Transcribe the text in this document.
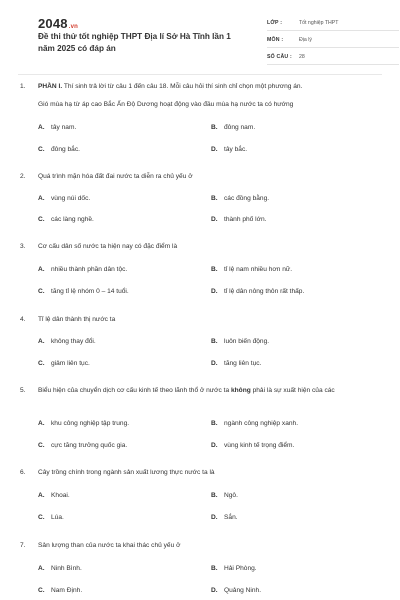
2048.vn
Đề thi thử tốt nghiệp THPT Địa lí Sở Hà Tĩnh lần 1 năm 2025 có đáp án
LỚP :	Tốt nghiệp THPT
MÔN :	Địa lý
SỐ CÂU :	28
1.	PHẦN I. Thí sinh trả lời từ câu 1 đến câu 18. Mỗi câu hỏi thí sinh chỉ chọn một phương án.
Gió mùa hạ từ áp cao Bắc Ấn Độ Dương hoạt động vào đầu mùa hạ nước ta có hướng
A. tây nam.	B. đông nam.
C. đông bắc.	D. tây bắc.
2.	Quá trình mặn hóa đất đai nước ta diễn ra chủ yếu ở
A. vùng núi dốc.	B. các đồng bằng.
C. các làng nghề.	D. thành phố lớn.
3.	Cơ cấu dân số nước ta hiện nay có đặc điểm là
A. nhiều thành phần dân tộc.	B. tỉ lệ nam nhiều hơn nữ.
C. tăng tỉ lệ nhóm 0 – 14 tuổi.	D. tỉ lệ dân nông thôn rất thấp.
4.	Tỉ lệ dân thành thị nước ta
A. không thay đổi.	B. luôn biến động.
C. giảm liên tục.	D. tăng liên tục.
5.	Biểu hiện của chuyển dịch cơ cấu kinh tế theo lãnh thổ ở nước ta không phải là sự xuất hiện của các
A. khu công nghiệp tập trung.	B. ngành công nghiệp xanh.
C. cực tăng trưởng quốc gia.	D. vùng kinh tế trọng điểm.
6.	Cây trồng chính trong ngành sản xuất lương thực nước ta là
A. Khoai.	B. Ngô.
C. Lúa.	D. Sắn.
7.	Sản lượng than của nước ta khai thác chủ yếu ở
A. Ninh Bình.	B. Hải Phòng.
C. Nam Định.	D. Quảng Ninh.
